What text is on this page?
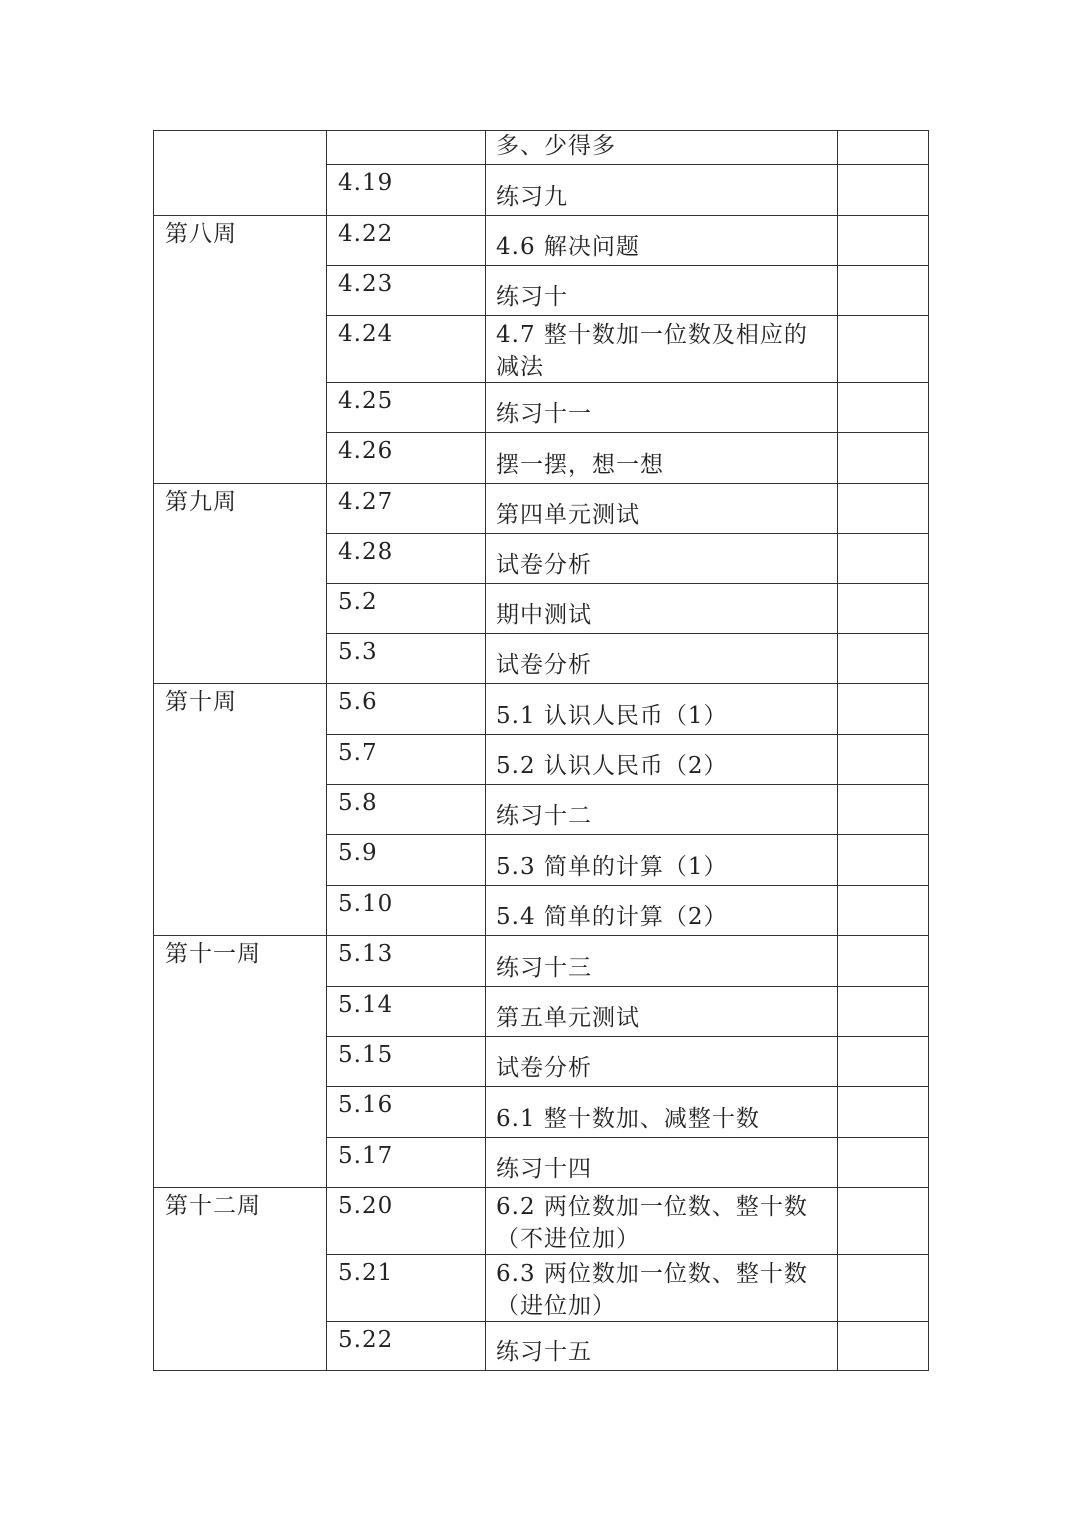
		多、少得多	

	4.19	练习九	

第八周	4.22	4.6 解决问题	

	4.23	练习十	

	4.24	4.7 整十数加一位数及相应的减法	

	4.25	练习十一	

	4.26	摆一摆，想一想	

第九周	4.27	第四单元测试	

	4.28	试卷分析	

	5.2	期中测试	

	5.3	试卷分析	

第十周	5.6	5.1 认识人民币（1）	

	5.7	5.2 认识人民币（2）	

	5.8	练习十二	

	5.9	5.3 简单的计算（1）	

	5.10	5.4 简单的计算（2）	

第十一周	5.13	练习十三	

	5.14	第五单元测试	

	5.15	试卷分析	

	5.16	6.1 整十数加、减整十数	

	5.17	练习十四	

第十二周	5.20	6.2 两位数加一位数、整十数（不进位加）	

	5.21	6.3 两位数加一位数、整十数（进位加）	

	5.22	练习十五	
